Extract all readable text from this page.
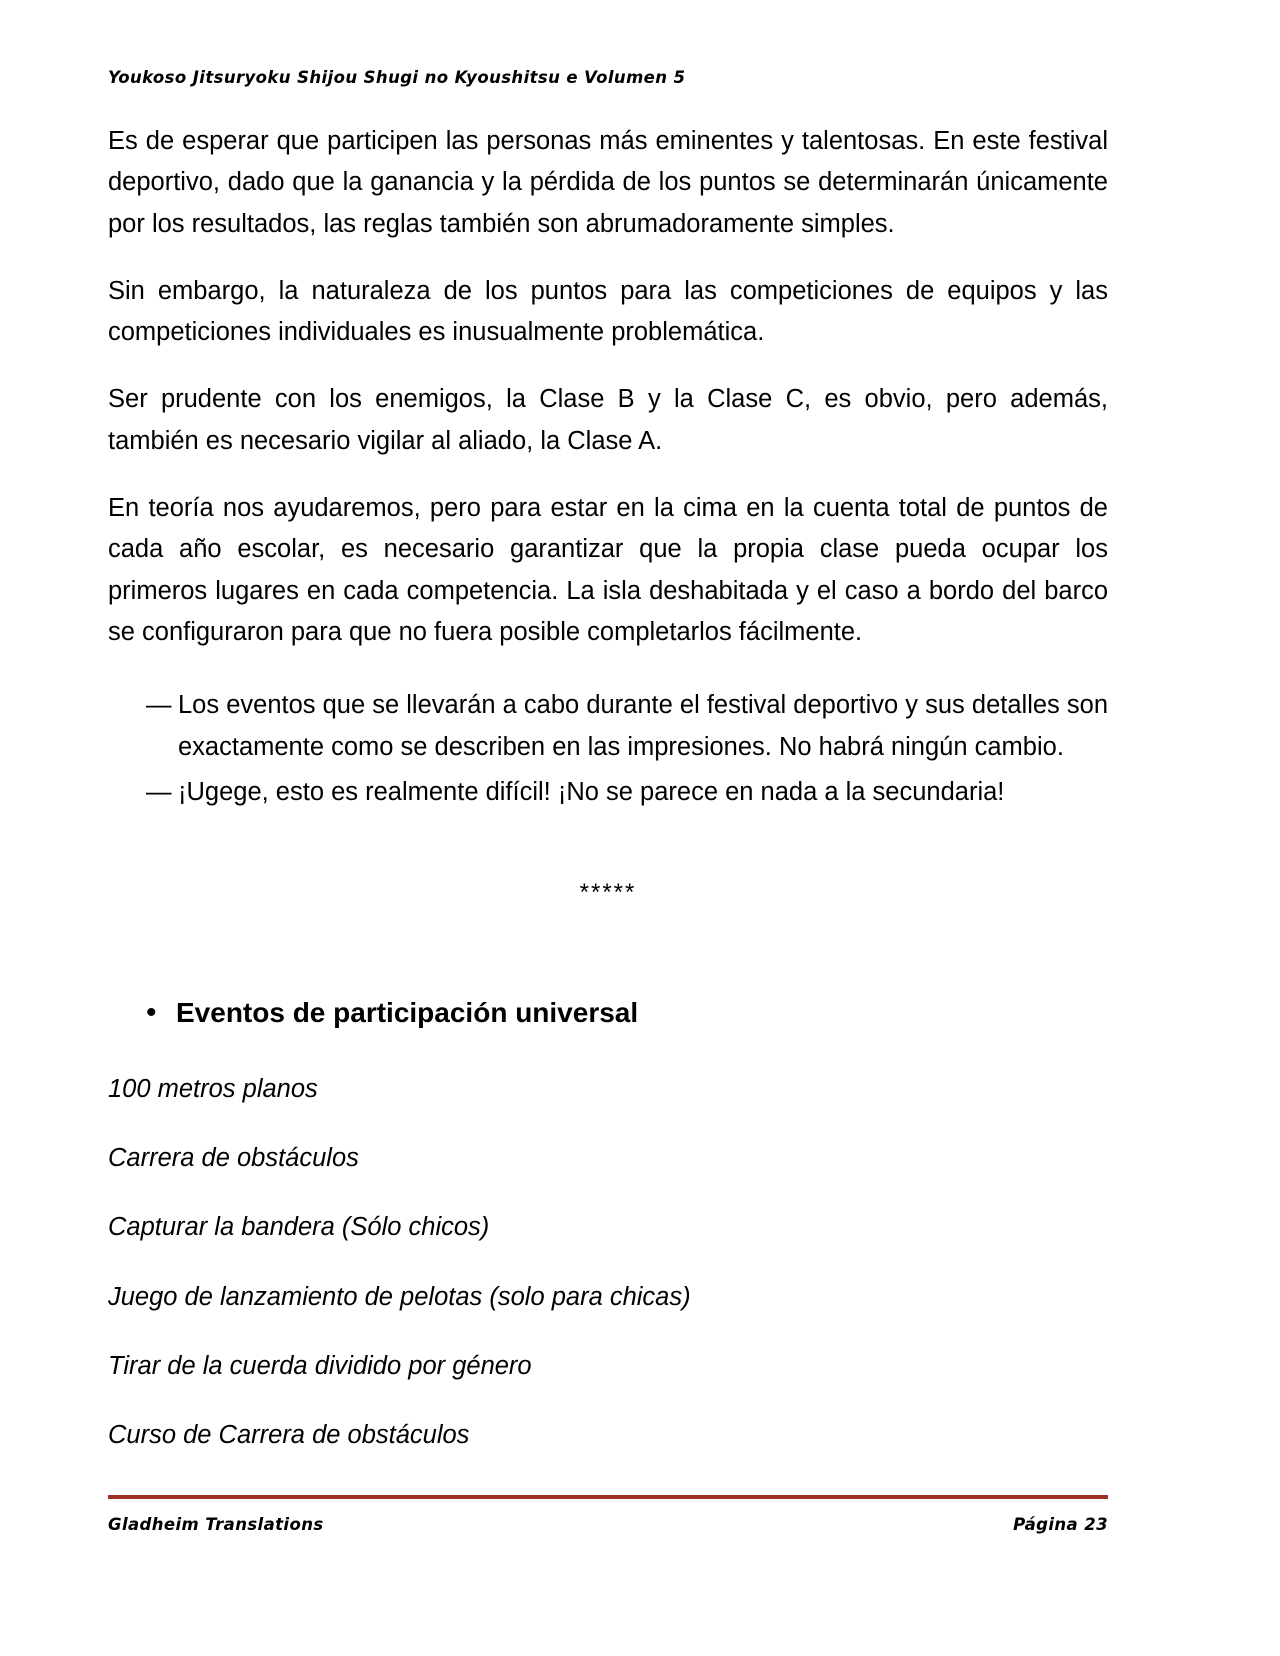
Youkoso Jitsuryoku Shijou Shugi no Kyoushitsu e Volumen 5

Es de esperar que participen las personas más eminentes y talentosas. En este festival deportivo, dado que la ganancia y la pérdida de los puntos se determinarán únicamente por los resultados, las reglas también son abrumadoramente simples.

Sin embargo, la naturaleza de los puntos para las competiciones de equipos y las competiciones individuales es inusualmente problemática.

Ser prudente con los enemigos, la Clase B y la Clase C, es obvio, pero además, también es necesario vigilar al aliado, la Clase A.

En teoría nos ayudaremos, pero para estar en la cima en la cuenta total de puntos de cada año escolar, es necesario garantizar que la propia clase pueda ocupar los primeros lugares en cada competencia. La isla deshabitada y el caso a bordo del barco se configuraron para que no fuera posible completarlos fácilmente.

— Los eventos que se llevarán a cabo durante el festival deportivo y sus detalles son exactamente como se describen en las impresiones. No habrá ningún cambio.
— ¡Ugege, esto es realmente difícil! ¡No se parece en nada a la secundaria!
*****
• Eventos de participación universal
100 metros planos
Carrera de obstáculos
Capturar la bandera (Sólo chicos)
Juego de lanzamiento de pelotas (solo para chicas)
Tirar de la cuerda dividido por género
Curso de Carrera de obstáculos
Gladheim Translations	Página 23
